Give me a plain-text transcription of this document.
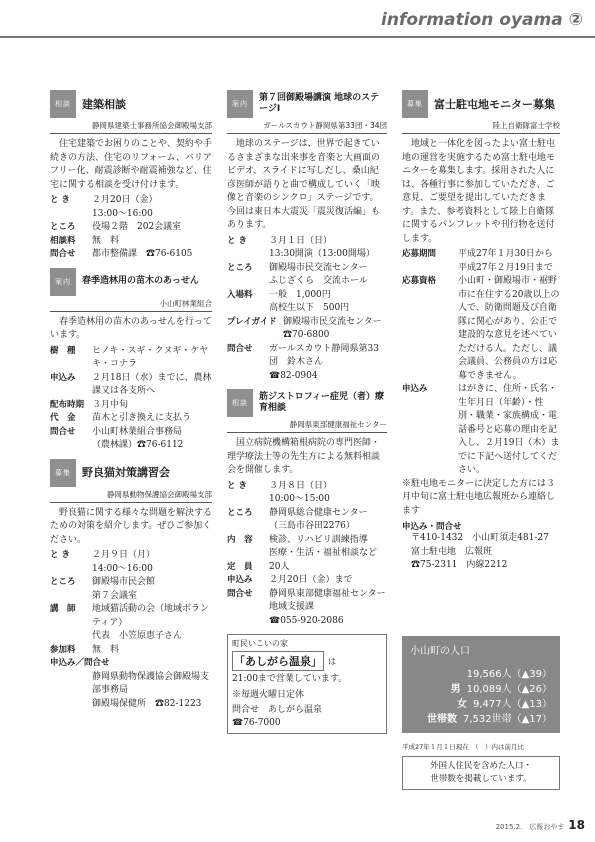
information oyama ②
相談	建築相談
静岡県建築士事務所協会御殿場支部
住宅建築でお困りのことや、契約や手続きの方法、住宅のリフォーム、バリアフリー化、耐震診断や耐震補強など、住宅に関する相談を受け付けます。
と き	２月20日（金）
13:00～16:00
ところ	役場２階　202会議室
相談料	無　料
問合せ	都市整備課　☎76-6105
案内	春季造林用の苗木のあっせん
小山町林業組合
春季造林用の苗木のあっせんを行っています。
樹　種	ヒノキ・スギ・クヌギ・ケヤキ・コナラ
申込み	２月18日（水）までに、農林課又は各支所へ
配布時期 ３月中旬
代　金	苗木と引き換えに支払う
問合せ	小山町林業組合事務局
（農林課）☎76-6112
募集	野良猫対策講習会
静岡県動物保護協会御殿場支部
野良猫に関する様々な問題を解決するための対策を紹介します。ぜひご参加ください。
と き	２月９日（月）
14:00～16:00
ところ	御殿場市民会館
第７会議室
講　師	地域猫活動の会（地域ボランティア）
代表　小笠原恵子さん
参加料	無　料
申込み／問合せ
静岡県動物保護協会御殿場支部事務局
御殿場保健所　☎82-1223
案内
第７回御殿場講演 地球のステージⅠ
ガールスカウト静岡県第33団・34団
地球のステージは、世界で起きているさまざまな出来事を音楽と大画面のビデオ、スライドに写しだし、桑山紀彦医師が語りと曲で構成していく「映像と音楽のシンクロ」ステージです。今回は東日本大震災「震災復活編」もあります。
と き	３月１日（日）
13:30開演（13:00開場）
ところ	御殿場市民交流センター
ふじざくら　交流ホール
入場料	一般　1,000円
高校生以下　500円
プレイガイド 御殿場市民交流センター　☎70-6800
問合せ	ガールスカウト静岡県第33団　鈴木さん
☎82-0904
相談
筋ジストロフィー症児（者）療育相談
静岡県東部健康福祉センター
国立病院機構箱根病院の専門医師・理学療法士等の先生方による無料相談会を開催します。
と き	３月８日（日）
10:00～15:00
ところ	静岡県総合健康センター
（三島市谷田2276）
内　容	検診、リハビリ訓練指導
医療・生活・福祉相談など
定　員	20人
申込み	２月20日（金）まで
問合せ	静岡県東部健康福祉センター地域支援課
☎055-920-2086
町民いこいの家
「あしがら温泉」 は
21:00まで営業しています。
※毎週火曜日定休
問合せ　あしがら温泉
☎76-7000
募集	富士駐屯地モニター募集
陸上自衛隊富士学校
地域と一体化を図ったよい富士駐屯地の運営を実施するため富士駐屯地モニターを募集します。採用された人には、各種行事に参加していただき、ご意見、ご要望を提出していただきます。また、参考資料として陸上自衛隊に関するパンフレットや刊行物を送付します。
応募期間	平成27年１月30日から
平成27年２月19日まで
応募資格	小山町・御殿場市・裾野市に在住する20歳以上の人で、防衛問題及び自衛隊に関心があり、公正で建設的な意見を述べていただける人。ただし、議会議員、公務員の方は応募できません。
申込み	はがきに、住所・氏名・生年月日（年齢）・性別・職業・家族構成・電話番号と応募の理由を記入し、２月19日（木）までに下記へ送付してください。
※駐屯地モニターに決定した方には３月中旬に富士駐屯地広報班から連絡します
申込み・問合せ
〒410-1432　小山町須走481-27
富士駐屯地　広報班
☎75-2311　内線2212
小山町の人口
19,566人（▲39）
男 10,089人（▲26）
女 9,477人（▲13）
世帯数 7,532世帯（▲17）
平成27年１月１日現在　（　）内は前月比
外国人住民を含めた人口・
世帯数を掲載しています。
2015.2.　広報おやま 18
